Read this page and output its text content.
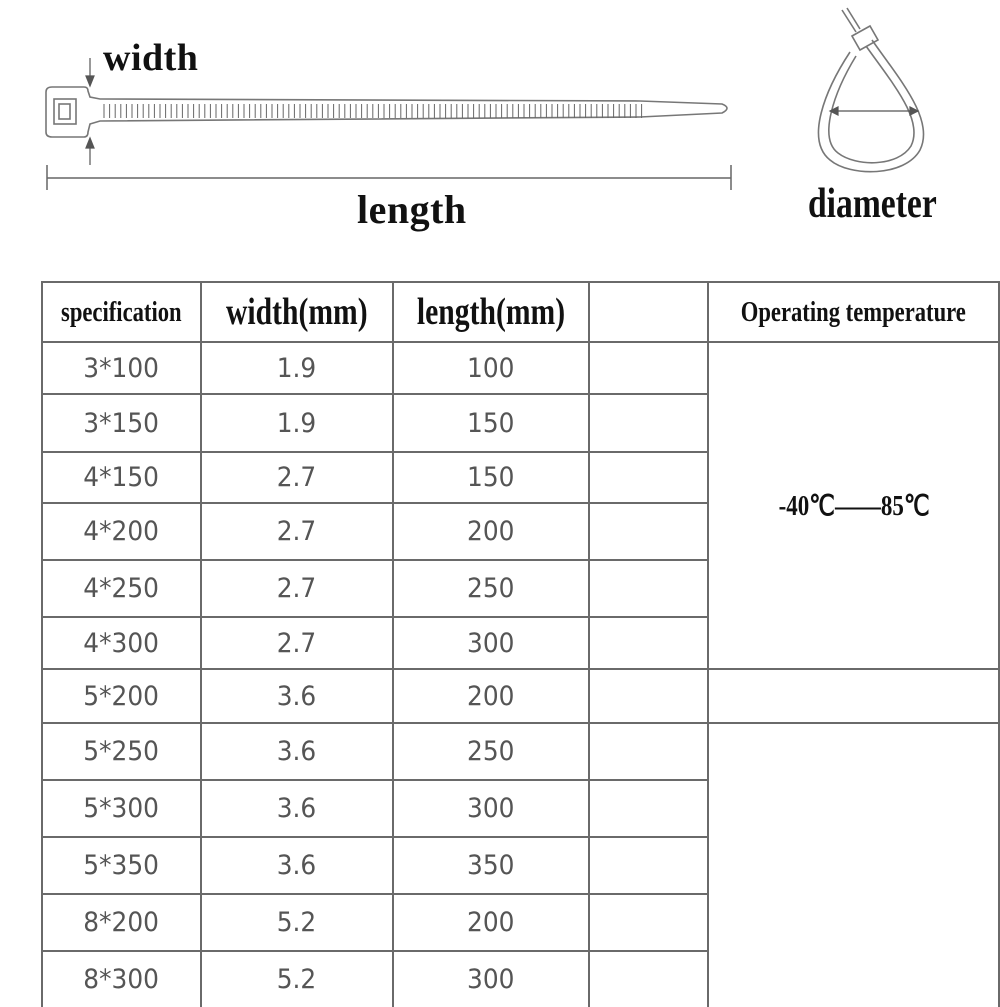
width
length	diameter
specification	width(mm)	length(mm)		Operating temperature
3*100	1.9	100		-40℃——85℃
3*150	1.9	150		
4*150	2.7	150		
4*200	2.7	200		
4*250	2.7	250		
4*300	2.7	300		
5*200	3.6	200		
5*250	3.6	250		
5*300	3.6	300		
5*350	3.6	350		
8*200	5.2	200		
8*300	5.2	300		
